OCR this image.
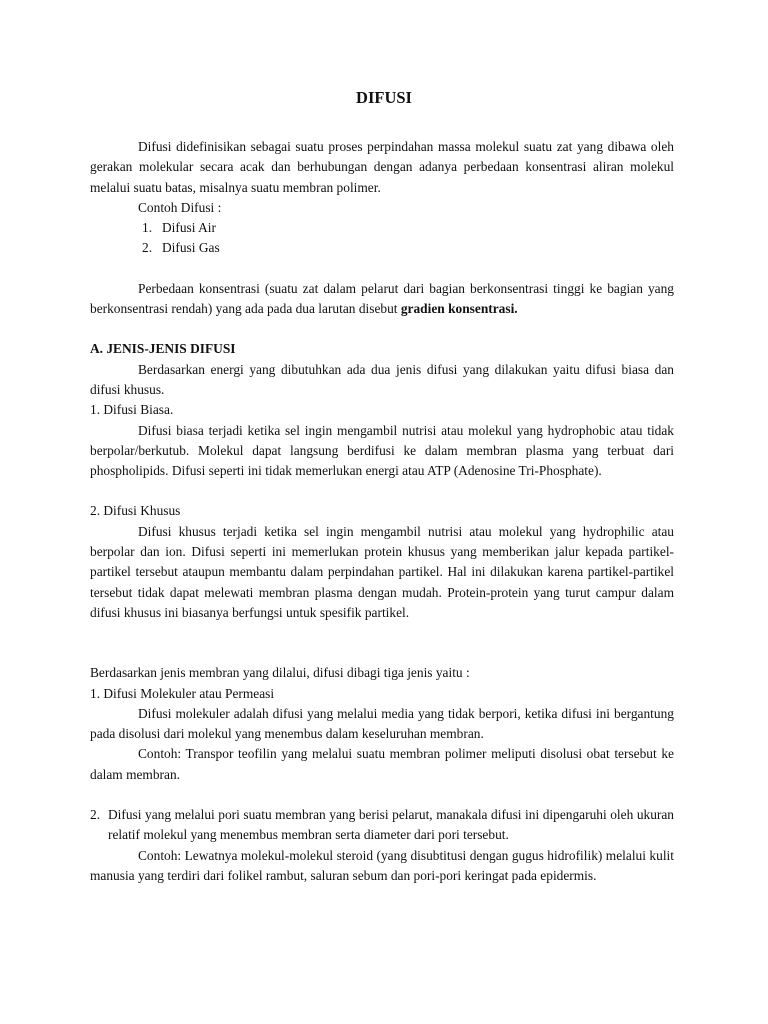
DIFUSI

Difusi didefinisikan sebagai suatu proses perpindahan massa molekul suatu zat yang dibawa oleh gerakan molekular secara acak dan berhubungan dengan adanya perbedaan konsentrasi aliran molekul melalui suatu batas, misalnya suatu membran polimer.

Contoh Difusi :

1. Difusi Air
2. Difusi Gas

Perbedaan konsentrasi (suatu zat dalam pelarut dari bagian berkonsentrasi tinggi ke bagian yang berkonsentrasi rendah) yang ada pada dua larutan disebut gradien konsentrasi.

A. JENIS-JENIS DIFUSI

Berdasarkan energi yang dibutuhkan ada dua jenis difusi yang dilakukan yaitu difusi biasa dan difusi khusus.

1. Difusi Biasa.

Difusi biasa terjadi ketika sel ingin mengambil nutrisi atau molekul yang hydrophobic atau tidak berpolar/berkutub. Molekul dapat langsung berdifusi ke dalam membran plasma yang terbuat dari phospholipids. Difusi seperti ini tidak memerlukan energi atau ATP (Adenosine Tri-Phosphate).

2. Difusi Khusus

Difusi khusus terjadi ketika sel ingin mengambil nutrisi atau molekul yang hydrophilic atau berpolar dan ion. Difusi seperti ini memerlukan protein khusus yang memberikan jalur kepada partikel-partikel tersebut ataupun membantu dalam perpindahan partikel. Hal ini dilakukan karena partikel-partikel tersebut tidak dapat melewati membran plasma dengan mudah. Protein-protein yang turut campur dalam difusi khusus ini biasanya berfungsi untuk spesifik partikel.

Berdasarkan jenis membran yang dilalui, difusi dibagi tiga jenis yaitu :

1. Difusi Molekuler atau Permeasi

Difusi molekuler adalah difusi yang melalui media yang tidak berpori, ketika difusi ini bergantung pada disolusi dari molekul yang menembus dalam keseluruhan membran.

Contoh: Transpor teofilin yang melalui suatu membran polimer meliputi disolusi obat tersebut ke dalam membran.

2. Difusi yang melalui pori suatu membran yang berisi pelarut, manakala difusi ini dipengaruhi oleh ukuran relatif molekul yang menembus membran serta diameter dari pori tersebut.

Contoh: Lewatnya molekul-molekul steroid (yang disubtitusi dengan gugus hidrofilik) melalui kulit manusia yang terdiri dari folikel rambut, saluran sebum dan pori-pori keringat pada epidermis.
